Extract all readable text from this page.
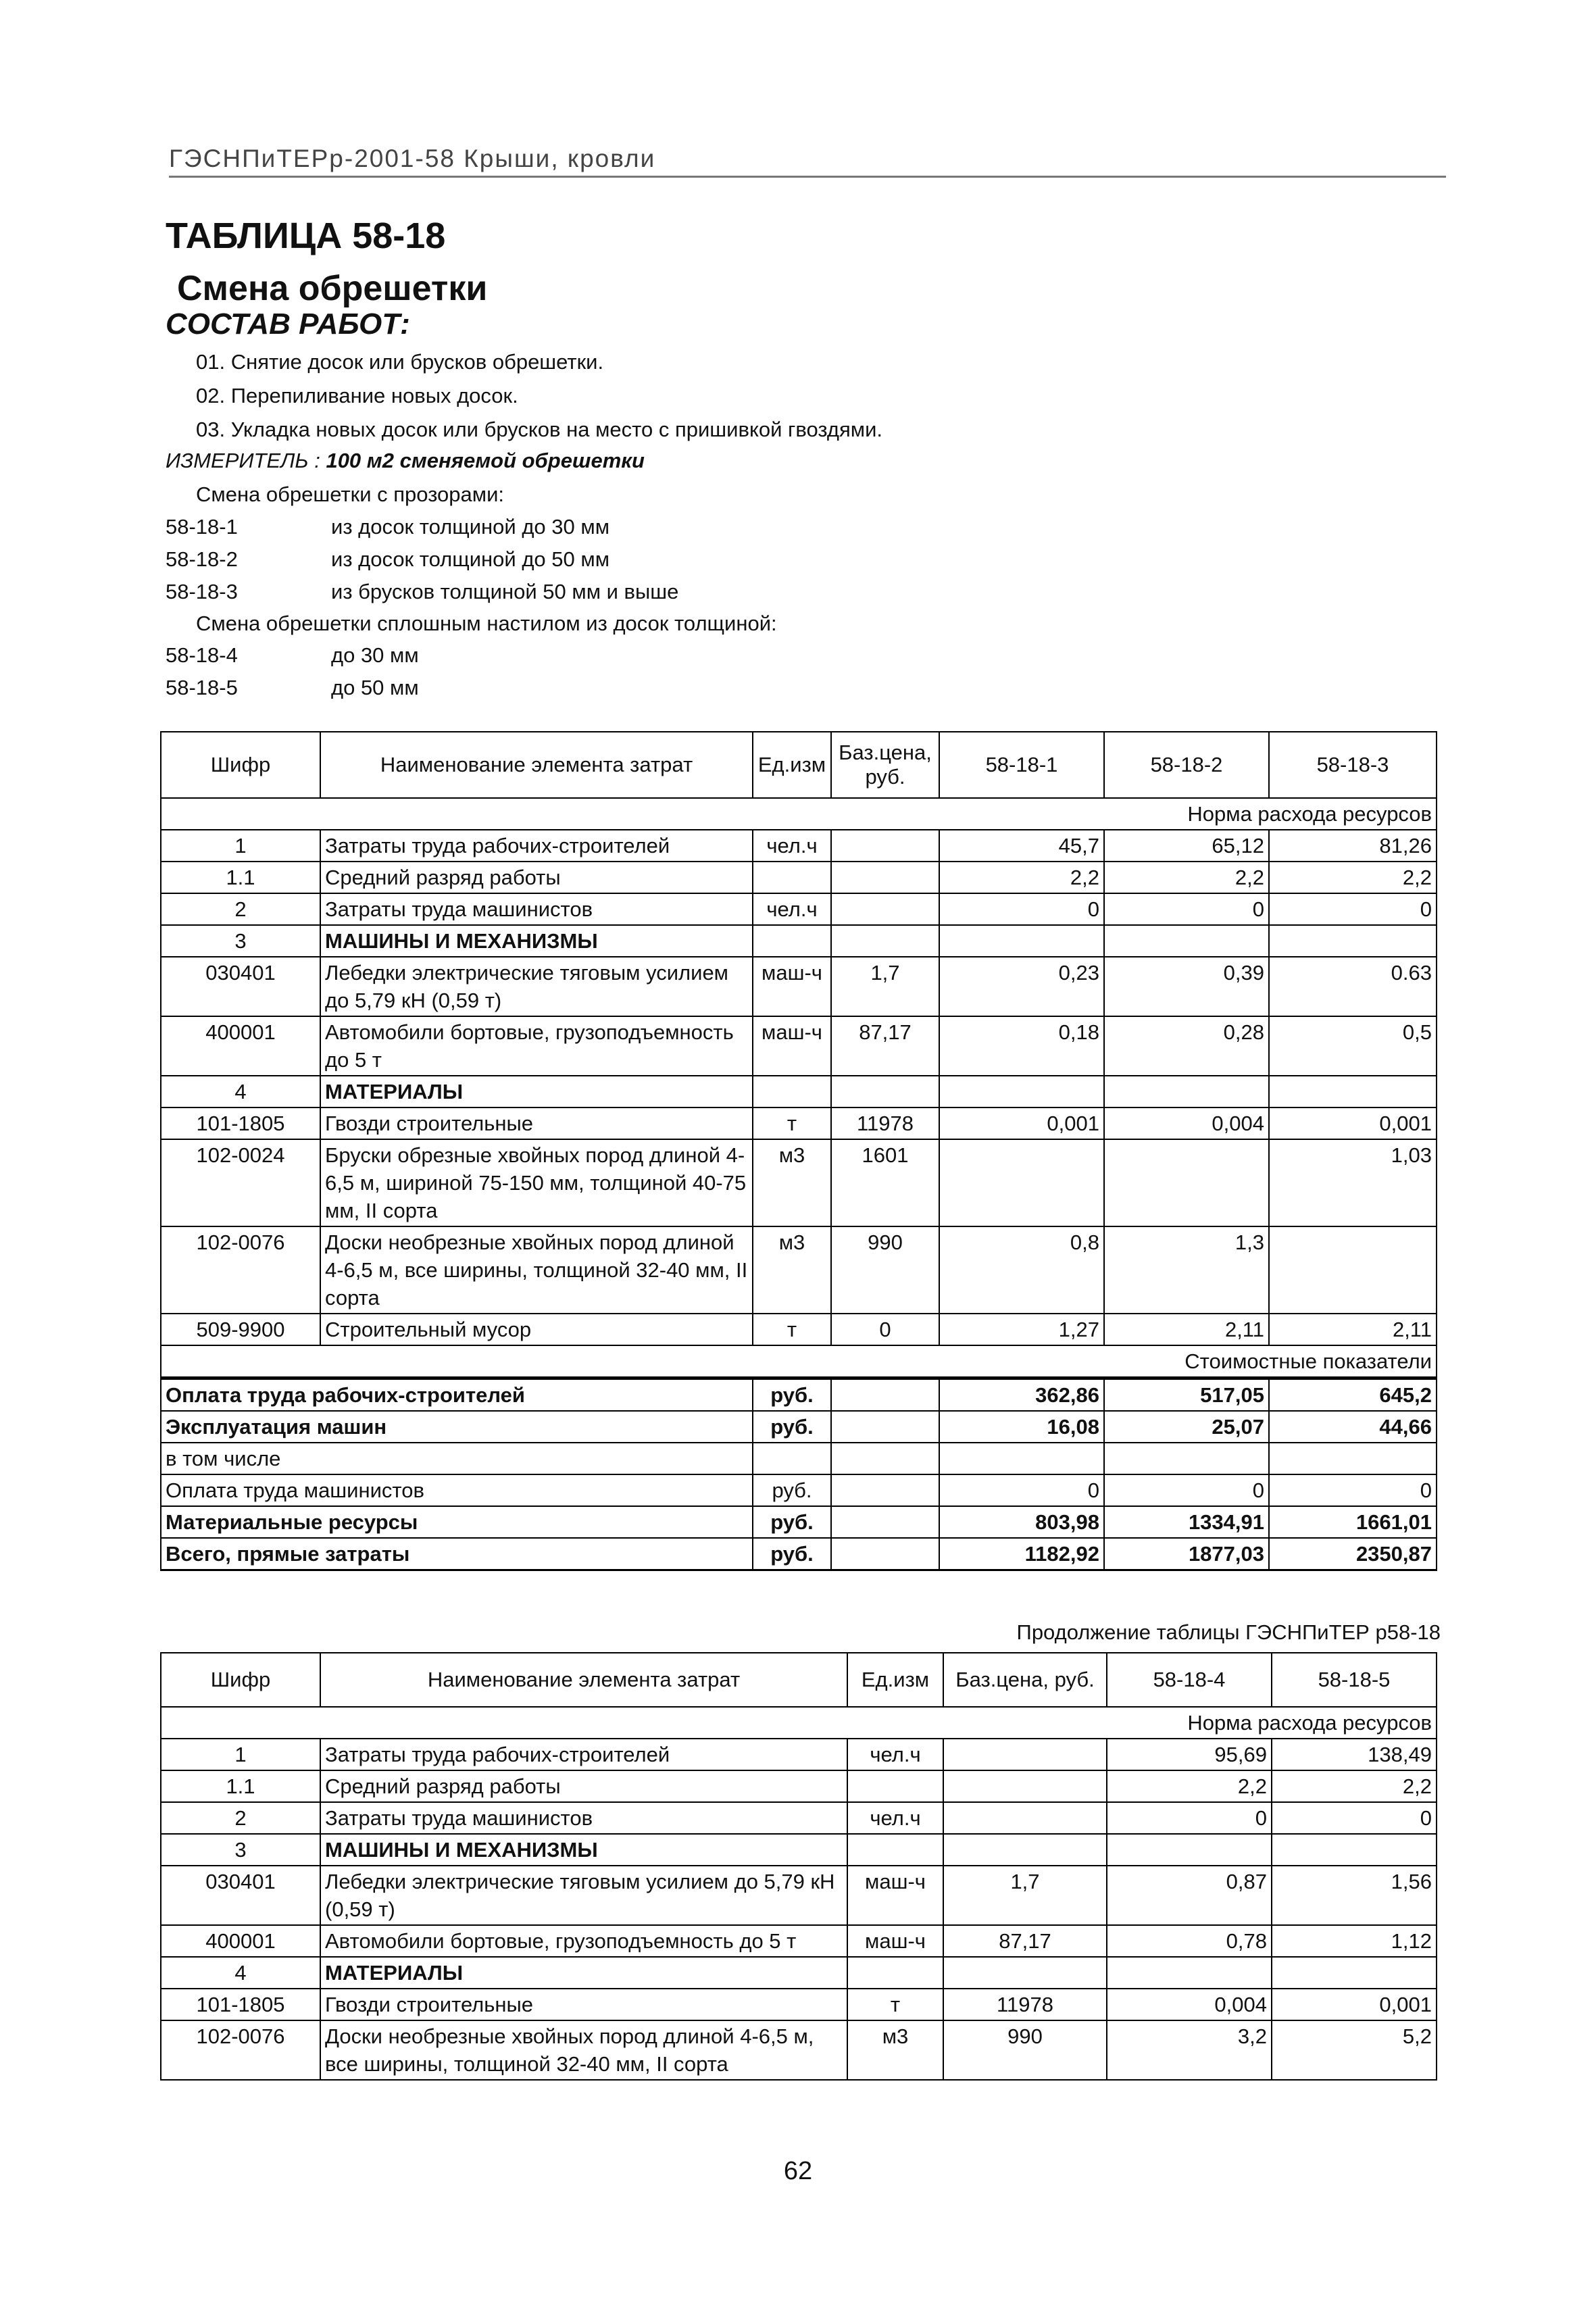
ГЭСНПиТЕРр-2001-58 Крыши, кровли
ТАБЛИЦА 58-18
Смена обрешетки
СОСТАВ РАБОТ:
01. Снятие досок или брусков обрешетки.
02. Перепиливание новых досок.
03. Укладка новых досок или брусков на место с пришивкой гвоздями.
ИЗМЕРИТЕЛЬ : 100 м2 сменяемой обрешетки
Смена обрешетки с прозорами:
58-18-1	из досок толщиной до 30 мм
58-18-2	из досок толщиной до 50 мм
58-18-3	из брусков толщиной 50 мм и выше
Смена обрешетки сплошным настилом из досок толщиной:
58-18-4	до 30 мм
58-18-5	до 50 мм
Шифр	Наименование элемента затрат	Ед.изм	Баз.цена, руб.	58-18-1	58-18-2	58-18-3
Норма расхода ресурсов						
1	Затраты труда рабочих-строителей	чел.ч		45,7	65,12	81,26
1.1	Средний разряд работы			2,2	2,2	2,2
2	Затраты труда машинистов	чел.ч		0	0	0
3	МАШИНЫ И МЕХАНИЗМЫ					
030401	Лебедки электрические тяговым усилием до 5,79 кН (0,59 т)	маш-ч	1,7	0,23	0,39	0.63
400001	Автомобили бортовые, грузоподъемность до 5 т	маш-ч	87,17	0,18	0,28	0,5
4	МАТЕРИАЛЫ					
101-1805	Гвозди строительные	т	11978	0,001	0,004	0,001
102-0024	Бруски обрезные хвойных пород длиной 4-6,5 м, шириной 75-150 мм, толщиной 40-75 мм, II сорта	м3	1601			1,03
102-0076	Доски необрезные хвойных пород длиной 4-6,5 м, все ширины, толщиной 32-40 мм, II сорта	м3	990	0,8	1,3	
509-9900	Строительный мусор	т	0	1,27	2,11	2,11
Стоимостные показатели						
Оплата труда рабочих-строителей		руб.		362,86	517,05	645,2
Эксплуатация машин		руб.		16,08	25,07	44,66
в том числе						
Оплата труда машинистов		руб.		0	0	0
Материальные ресурсы		руб.		803,98	1334,91	1661,01
Всего, прямые затраты		руб.		1182,92	1877,03	2350,87
Продолжение таблицы ГЭСНПиТЕР р58-18
Шифр	Наименование элемента затрат	Ед.изм	Баз.цена, руб.	58-18-4	58-18-5
Норма расхода ресурсов					
1	Затраты труда рабочих-строителей	чел.ч		95,69	138,49
1.1	Средний разряд работы			2,2	2,2
2	Затраты труда машинистов	чел.ч		0	0
3	МАШИНЫ И МЕХАНИЗМЫ				
030401	Лебедки электрические тяговым усилием до 5,79 кН (0,59 т)	маш-ч	1,7	0,87	1,56
400001	Автомобили бортовые, грузоподъемность до 5 т	маш-ч	87,17	0,78	1,12
4	МАТЕРИАЛЫ				
101-1805	Гвозди строительные	т	11978	0,004	0,001
102-0076	Доски необрезные хвойных пород длиной 4-6,5 м, все ширины, толщиной 32-40 мм, II сорта	м3	990	3,2	5,2
62
